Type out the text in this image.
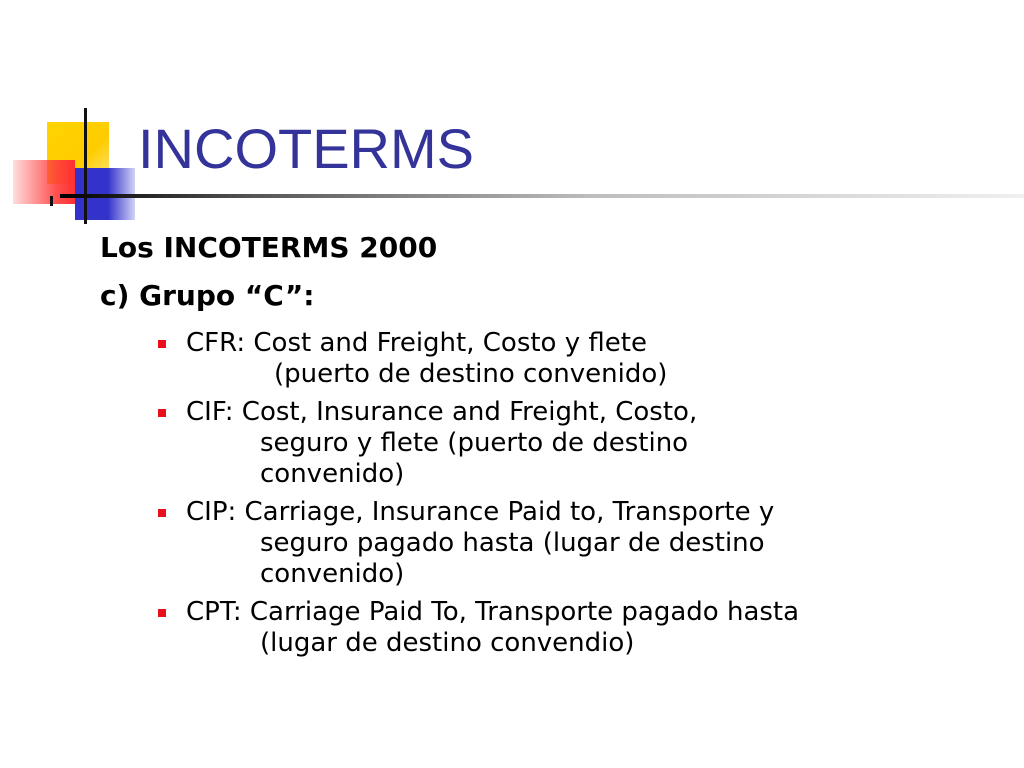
INCOTERMS

Los INCOTERMS 2000

c) Grupo “C”:

CFR: Cost and Freight, Costo y flete
(puerto de destino convenido)
CIF: Cost, Insurance and Freight, Costo,
seguro y flete (puerto de destino
convenido)
CIP: Carriage, Insurance Paid to, Transporte y
seguro pagado hasta (lugar de destino
convenido)
CPT: Carriage Paid To, Transporte pagado hasta
(lugar de destino convendio)
